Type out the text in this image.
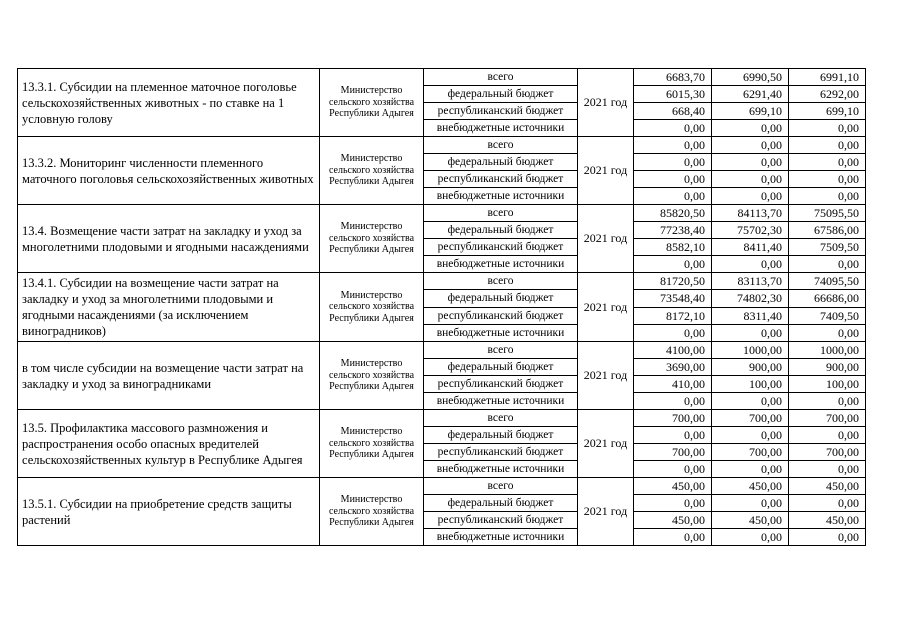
13.3.1. Субсидии на племенное маточное поголовье сельскохозяйственных животных - по ставке на 1 условную голову	Министерство сельского хозяйства Республики Адыгея	всего	2021 год	6683,70	6990,50	6991,10
		федеральный бюджет		6015,30	6291,40	6292,00
		республиканский бюджет		668,40	699,10	699,10
		внебюджетные источники		0,00	0,00	0,00
13.3.2. Мониторинг численности племенного маточного поголовья сельскохозяйственных животных	Министерство сельского хозяйства Республики Адыгея	всего	2021 год	0,00	0,00	0,00
		федеральный бюджет		0,00	0,00	0,00
		республиканский бюджет		0,00	0,00	0,00
		внебюджетные источники		0,00	0,00	0,00
13.4. Возмещение части затрат на закладку и уход за многолетними плодовыми и ягодными насаждениями	Министерство сельского хозяйства Республики Адыгея	всего	2021 год	85820,50	84113,70	75095,50
		федеральный бюджет		77238,40	75702,30	67586,00
		республиканский бюджет		8582,10	8411,40	7509,50
		внебюджетные источники		0,00	0,00	0,00
13.4.1. Субсидии на возмещение части затрат на закладку и уход за многолетними плодовыми и ягодными насаждениями (за исключением виноградников)	Министерство сельского хозяйства Республики Адыгея	всего	2021 год	81720,50	83113,70	74095,50
		федеральный бюджет		73548,40	74802,30	66686,00
		республиканский бюджет		8172,10	8311,40	7409,50
		внебюджетные источники		0,00	0,00	0,00
в том числе субсидии на возмещение части затрат на закладку и уход за виноградниками	Министерство сельского хозяйства Республики Адыгея	всего	2021 год	4100,00	1000,00	1000,00
		федеральный бюджет		3690,00	900,00	900,00
		республиканский бюджет		410,00	100,00	100,00
		внебюджетные источники		0,00	0,00	0,00
13.5. Профилактика массового размножения и распространения особо опасных вредителей сельскохозяйственных культур в Республике Адыгея	Министерство сельского хозяйства Республики Адыгея	всего	2021 год	700,00	700,00	700,00
		федеральный бюджет		0,00	0,00	0,00
		республиканский бюджет		700,00	700,00	700,00
		внебюджетные источники		0,00	0,00	0,00
13.5.1. Субсидии на приобретение средств защиты растений	Министерство сельского хозяйства Республики Адыгея	всего	2021 год	450,00	450,00	450,00
		федеральный бюджет		0,00	0,00	0,00
		республиканский бюджет		450,00	450,00	450,00
		внебюджетные источники		0,00	0,00	0,00
